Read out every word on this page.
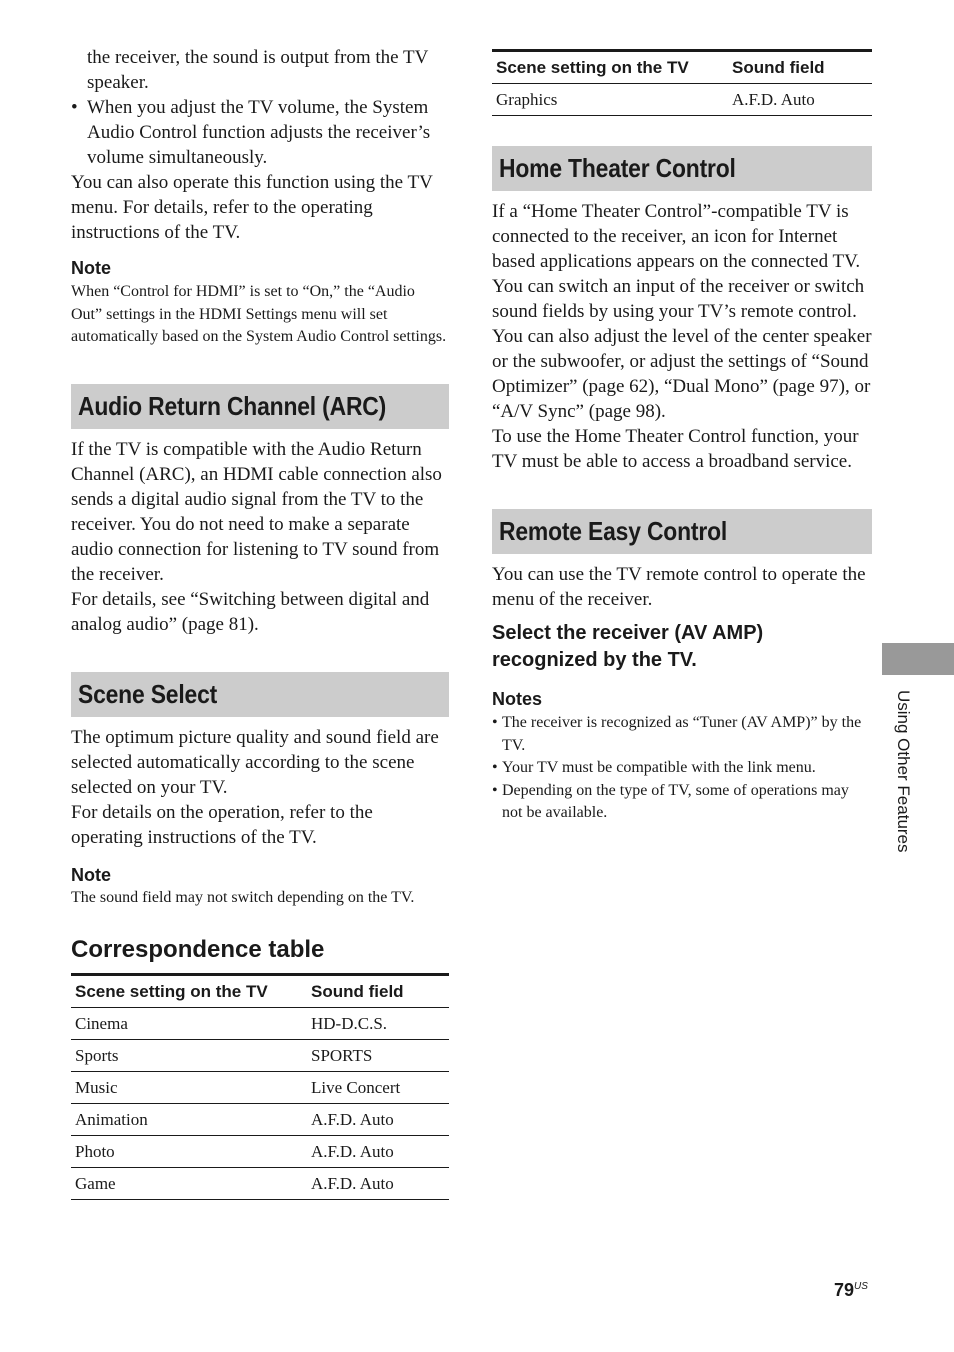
the receiver, the sound is output from the TV speaker.

• When you adjust the TV volume, the System Audio Control function adjusts the receiver’s volume simultaneously.

You can also operate this function using the TV menu. For details, refer to the operating instructions of the TV.

Note

When “Control for HDMI” is set to “On,” the “Audio Out” settings in the HDMI Settings menu will set automatically based on the System Audio Control settings.

Audio Return Channel (ARC)

If the TV is compatible with the Audio Return Channel (ARC), an HDMI cable connection also sends a digital audio signal from the TV to the receiver. You do not need to make a separate audio connection for listening to TV sound from the receiver.

For details, see “Switching between digital and analog audio” (page 81).

Scene Select

The optimum picture quality and sound field are selected automatically according to the scene selected on your TV.

For details on the operation, refer to the operating instructions of the TV.

Note

The sound field may not switch depending on the TV.

Correspondence table

Scene setting on the TV	Sound field
Cinema	HD-D.C.S.
Sports	SPORTS
Music	Live Concert
Animation	A.F.D. Auto
Photo	A.F.D. Auto
Game	A.F.D. Auto
Scene setting on the TV	Sound field
Graphics	A.F.D. Auto
Home Theater Control

If a “Home Theater Control”-compatible TV is connected to the receiver, an icon for Internet based applications appears on the connected TV.

You can switch an input of the receiver or switch sound fields by using your TV’s remote control. You can also adjust the level of the center speaker or the subwoofer, or adjust the settings of “Sound Optimizer” (page 62), “Dual Mono” (page 97), or “A/V Sync” (page 98).

To use the Home Theater Control function, your TV must be able to access a broadband service.

Remote Easy Control

You can use the TV remote control to operate the menu of the receiver.

Select the receiver (AV AMP) recognized by the TV.

Notes

• The receiver is recognized as “Tuner (AV AMP)” by the TV.
• Your TV must be compatible with the link menu.
• Depending on the type of TV, some of operations may not be available.	Using Other Features
$79^{US}$
